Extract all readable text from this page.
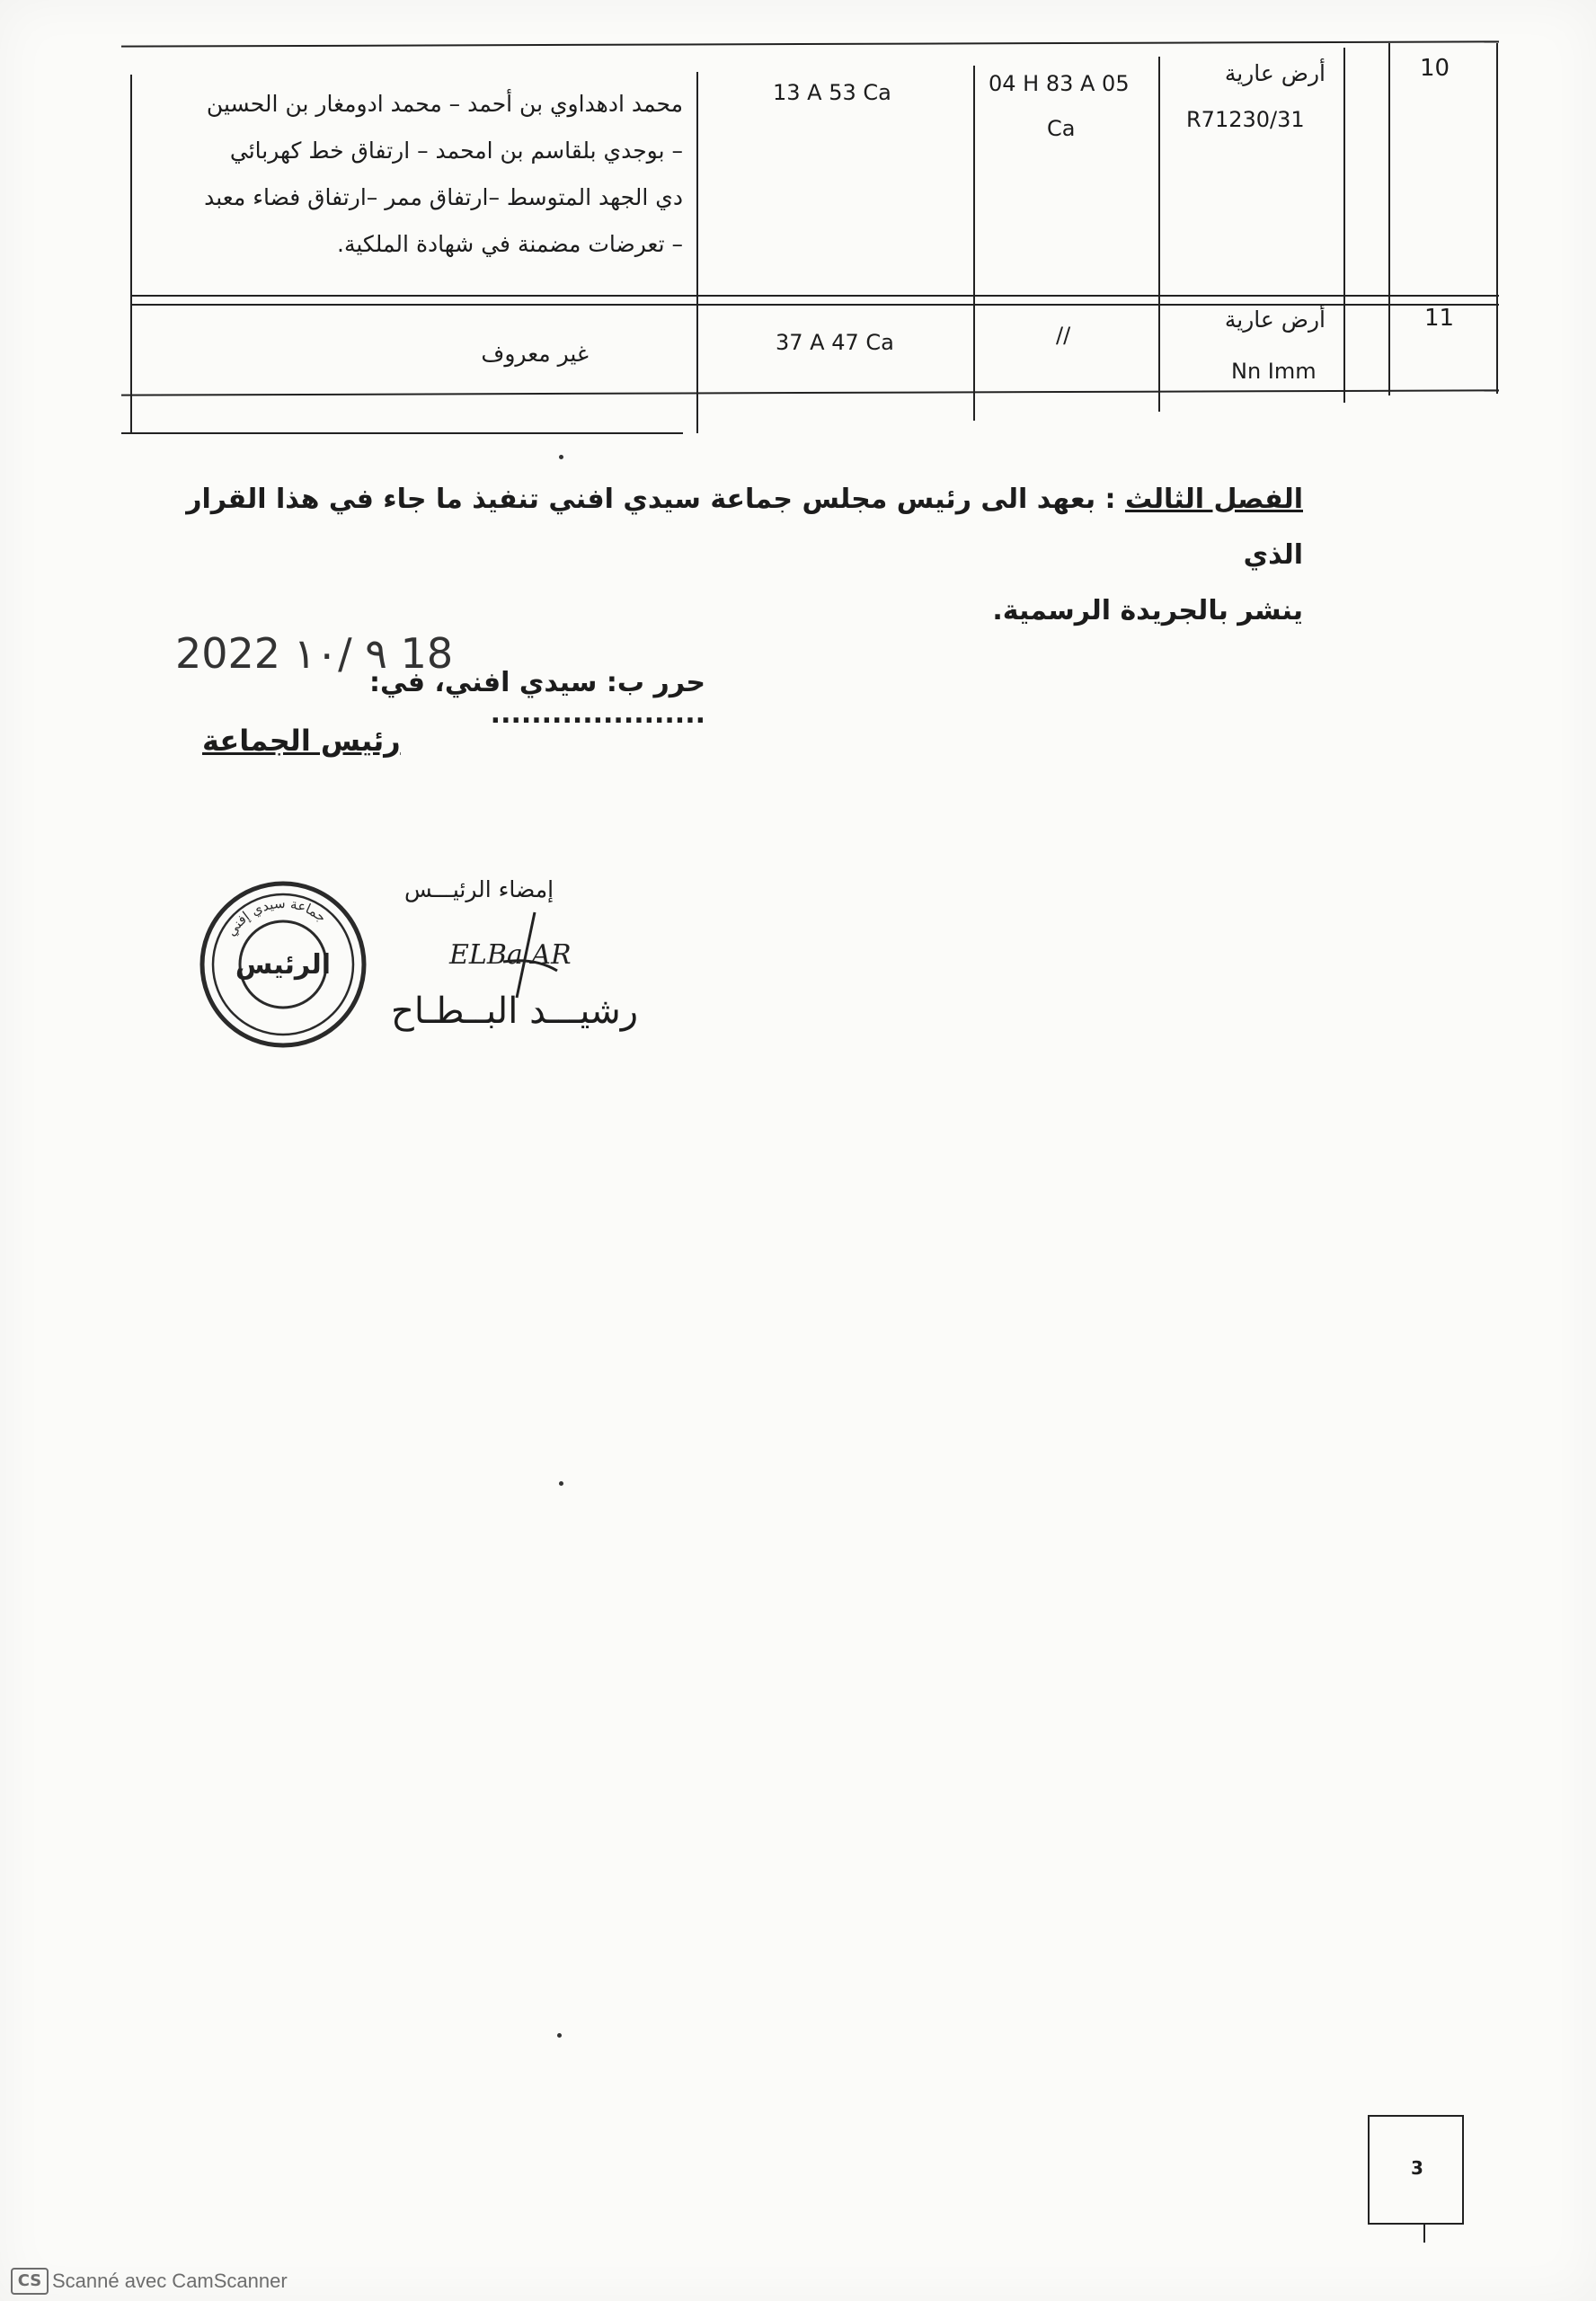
10
أرض عارية
R71230/31
04 H 83 A 05
Ca
13 A 53 Ca
محمد ادهداوي بن أحمد – محمد ادومغار بن الحسين
– بوجدي بلقاسم بن امحمد – ارتفاق خط كهربائي
دي الجهد المتوسط –ارتفاق ممر –ارتفاق فضاء معبد
– تعرضات مضمنة في شهادة الملكية.
11
أرض عارية
Nn Imm
//
37 A 47 Ca
غير معروف
الفصل الثالث : بعهد الى رئيس مجلس جماعة سيدي افني تنفيذ ما جاء في هذا القرار الذي
ينشر بالجريدة الرسمية.
2022 ٩ /١٠ 18
حرر ب: سيدي افني، في: .....................
رئيس الجماعة
إمضاء الرئيـــس
ELBa AR
رشيـــد البــطـاح
جماعة سيدي إفني
الرئيس
3
CS Scanné avec CamScanner
